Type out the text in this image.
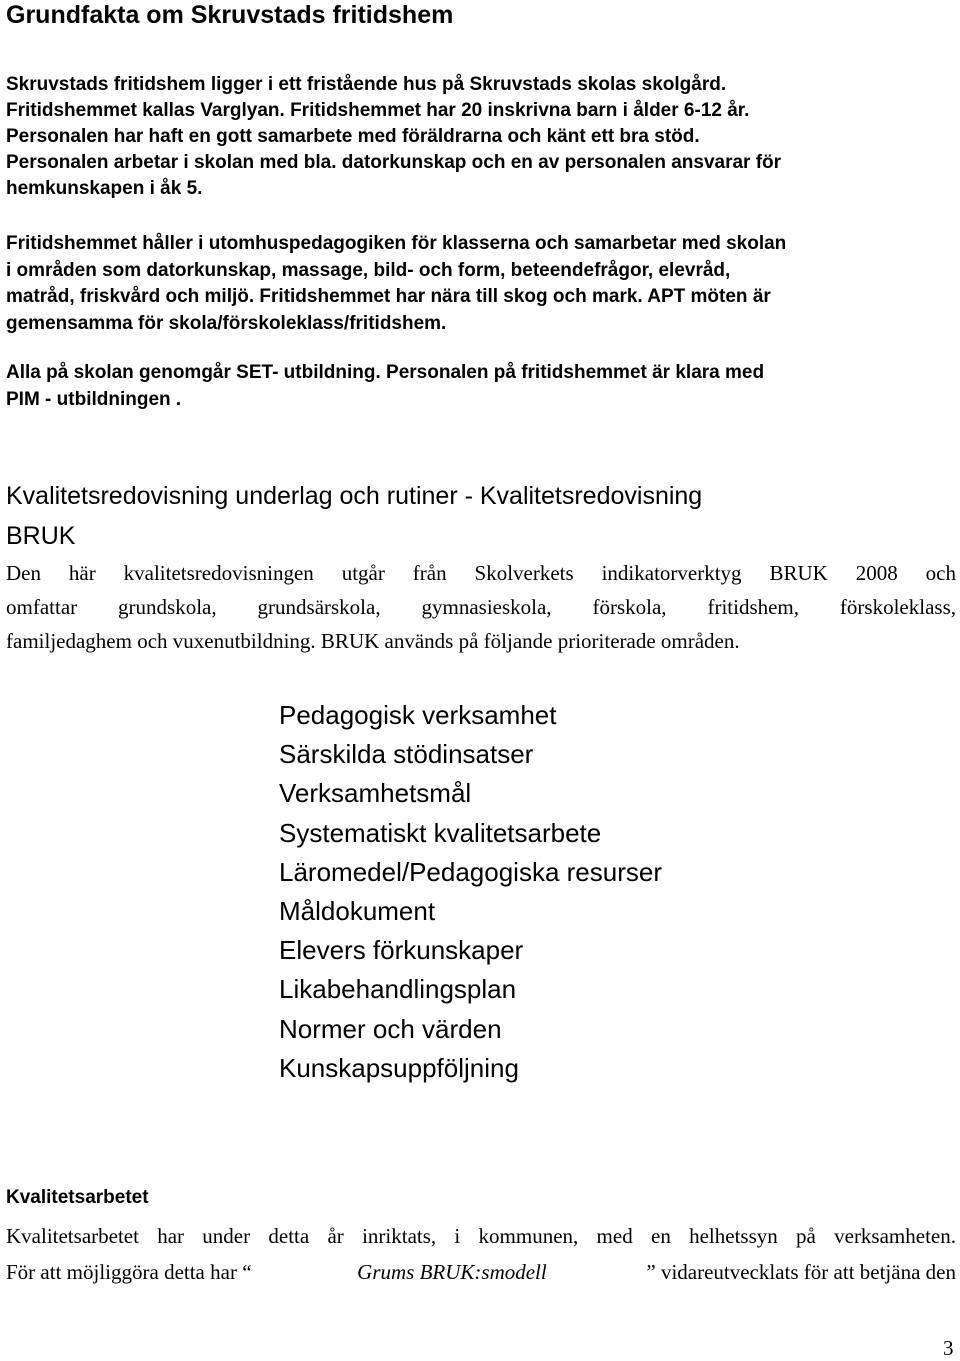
Grundfakta om Skruvstads fritidshem
Skruvstads fritidshem ligger i ett fristående hus på Skruvstads skolas skolgård.
Fritidshemmet kallas Varglyan. Fritidshemmet har 20 inskrivna barn i ålder 6-12 år.
Personalen har haft en gott samarbete med föräldrarna och känt ett bra stöd.
Personalen arbetar i skolan med bla. datorkunskap och en av personalen ansvarar för
hemkunskapen i åk 5.
Fritidshemmet håller i utomhuspedagogiken för klasserna och samarbetar med skolan
i områden som datorkunskap, massage, bild- och form, beteendefrågor, elevråd,
matråd, friskvård och miljö. Fritidshemmet har nära till skog och mark. APT möten är
gemensamma för skola/förskoleklass/fritidshem.
Alla på skolan genomgår SET- utbildning. Personalen på fritidshemmet är klara med
PIM - utbildningen .
Kvalitetsredovisning underlag och rutiner - Kvalitetsredovisning
BRUK
Den här kvalitetsredovisningen utgår från Skolverkets indikatorverktyg BRUK 2008 och
omfattar grundskola, grundsärskola, gymnasieskola, förskola, fritidshem, förskoleklass,
familjedaghem och vuxenutbildning. BRUK används på följande prioriterade områden.
Pedagogisk verksamhet
Särskilda stödinsatser
Verksamhetsmål
Systematiskt kvalitetsarbete
Läromedel/Pedagogiska resurser
Måldokument
Elevers förkunskaper
Likabehandlingsplan
Normer och värden
Kunskapsuppföljning
Kvalitetsarbetet
Kvalitetsarbetet har under detta år inriktats, i kommunen, med en helhetssyn på verksamheten.
För att möjliggöra detta har “	Grums BRUK:smodell	” vidareutvecklats för att betjäna den
3
